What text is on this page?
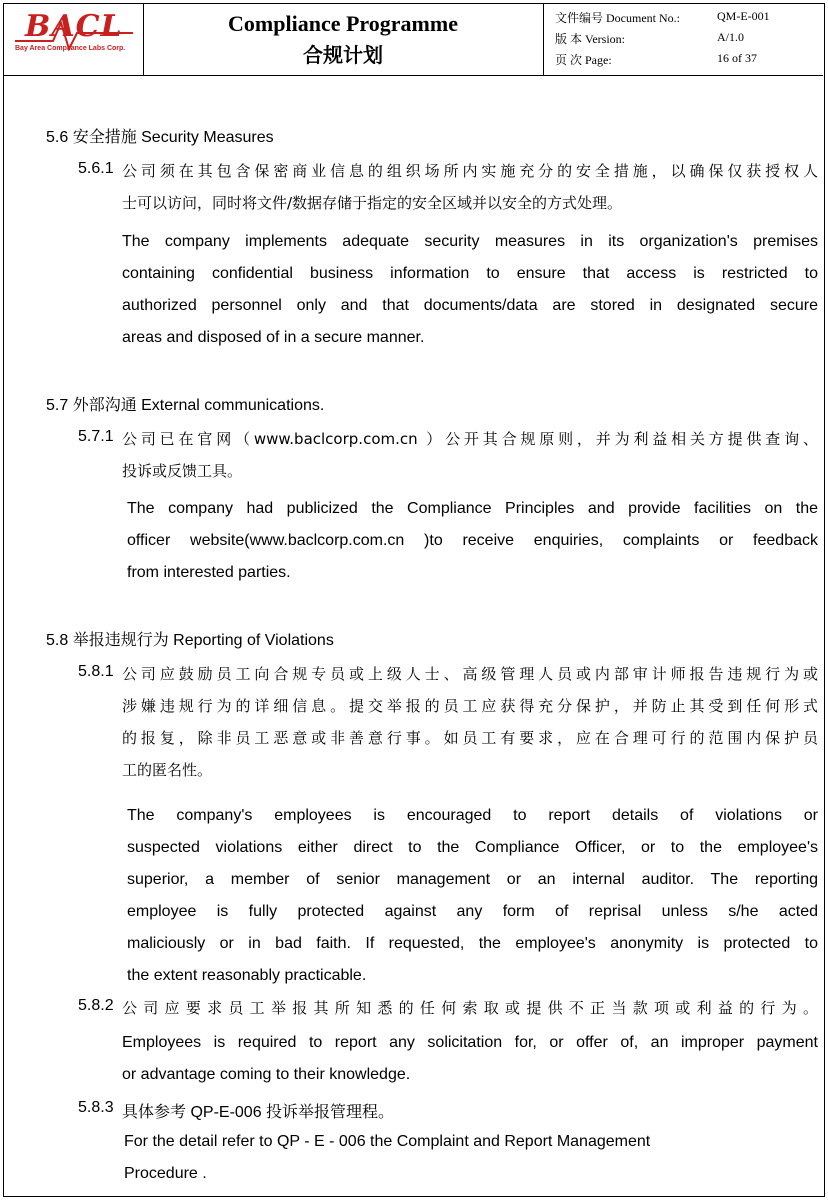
BACL
Bay Area Compliance Labs Corp.
Compliance Programme
合规计划
文件编号 Document No.:	QM-E-001
版 本 Version:	A/1.0
页 次 Page:	16 of 37
5.6 安全措施 Security Measures
5.6.1 公司须在其包含保密商业信息的组织场所内实施充分的安全措施，以确保仅获授权人
士可以访问，同时将文件/数据存储于指定的安全区域并以安全的方式处理。
The company implements adequate security measures in its organization's premises
containing confidential business information to ensure that access is restricted to
authorized personnel only and that documents/data are stored in designated secure
areas and disposed of in a secure manner.
5.7 外部沟通 External communications.
5.7.1 公司已在官网（www.baclcorp.com.cn ）公开其合规原则，并为利益相关方提供查询、
投诉或反馈工具。
The company had publicized the Compliance Principles and provide facilities on the
officer website(www.baclcorp.com.cn )to receive enquiries, complaints or feedback
from interested parties.
5.8 举报违规行为 Reporting of Violations
5.8.1 公司应鼓励员工向合规专员或上级人士、高级管理人员或内部审计师报告违规行为或
涉嫌违规行为的详细信息。提交举报的员工应获得充分保护，并防止其受到任何形式
的报复，除非员工恶意或非善意行事。如员工有要求，应在合理可行的范围内保护员
工的匿名性。
The company's employees is encouraged to report details of violations or
suspected violations either direct to the Compliance Officer, or to the employee's
superior, a member of senior management or an internal auditor. The reporting
employee is fully protected against any form of reprisal unless s/he acted
maliciously or in bad faith. If requested, the employee's anonymity is protected to
the extent reasonably practicable.
5.8.2 公司应要求员工举报其所知悉的任何索取或提供不正当款项或利益的行为。
Employees is required to report any solicitation for, or offer of, an improper payment
or advantage coming to their knowledge.
5.8.3 具体参考 QP-E-006 投诉举报管理程。
For the detail refer to QP - E - 006 the Complaint and Report Management
Procedure .
